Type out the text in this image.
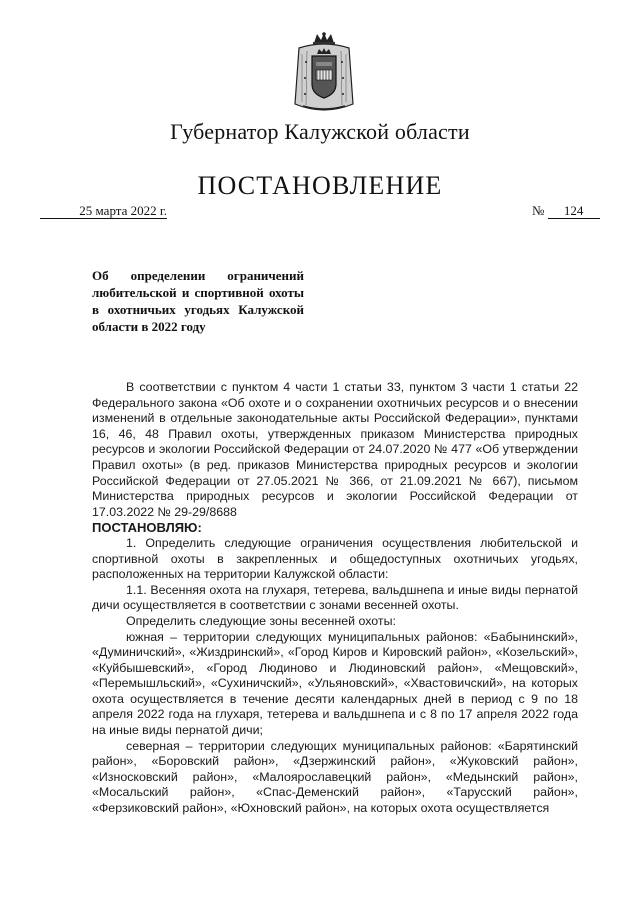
Губернатор Калужской области
ПОСТАНОВЛЕНИЕ
25 марта 2022 г.	№ 124
Об определении ограничений любительской и спортивной охоты в охотничьих угодьях Калужской области в 2022 году

В соответствии с пунктом 4 части 1 статьи 33, пунктом 3 части 1 статьи 22 Федерального закона «Об охоте и о сохранении охотничьих ресурсов и о внесении изменений в отдельные законодательные акты Российской Федерации», пунктами 16, 46, 48 Правил охоты, утвержденных приказом Министерства природных ресурсов и экологии Российской Федерации от 24.07.2020 № 477 «Об утверждении Правил охоты» (в ред. приказов Министерства природных ресурсов и экологии Российской Федерации от 27.05.2021 № 366, от 21.09.2021 № 667), письмом Министерства природных ресурсов и экологии Российской Федерации от 17.03.2022 № 29-29/8688

ПОСТАНОВЛЯЮ:

1. Определить следующие ограничения осуществления любительской и спортивной охоты в закрепленных и общедоступных охотничьих угодьях, расположенных на территории Калужской области:

1.1. Весенняя охота на глухаря, тетерева, вальдшнепа и иные виды пернатой дичи осуществляется в соответствии с зонами весенней охоты.

Определить следующие зоны весенней охоты:

южная – территории следующих муниципальных районов: «Бабынинский», «Думиничский», «Жиздринский», «Город Киров и Кировский район», «Козельский», «Куйбышевский», «Город Людиново и Людиновский район», «Мещовский», «Перемышльский», «Сухиничский», «Ульяновский», «Хвастовичский», на которых охота осуществляется в течение десяти календарных дней в период с 9 по 18 апреля 2022 года на глухаря, тетерева и вальдшнепа и с 8 по 17 апреля 2022 года на иные виды пернатой дичи;

северная – территории следующих муниципальных районов: «Барятинский район», «Боровский район», «Дзержинский район», «Жуковский район», «Износковский район», «Малоярославецкий район», «Медынский район», «Мосальский район», «Спас-Деменский район», «Тарусский район», «Ферзиковский район», «Юхновский район», на которых охота осуществляется
